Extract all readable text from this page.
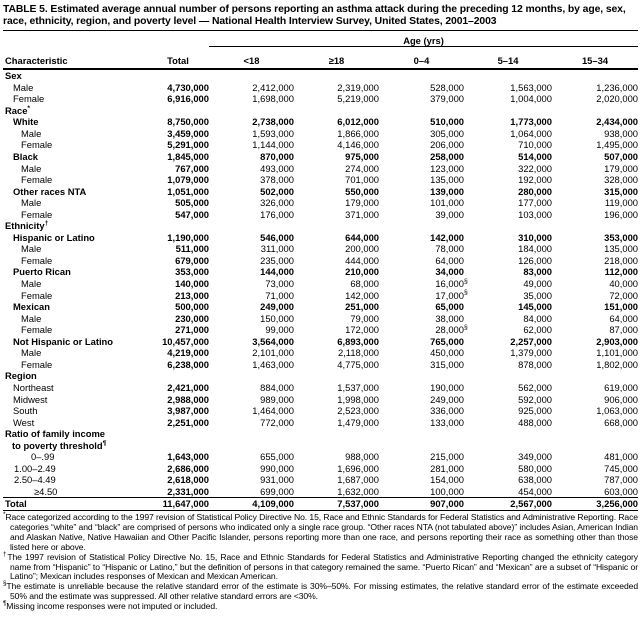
TABLE 5. Estimated average annual number of persons reporting an asthma attack during the preceding 12 months, by age, sex, race, ethnicity, region, and poverty level — National Health Interview Survey, United States, 2001–2003
		Age (yrs)				
Characteristic	Total	<18	≥18	0–4	5–14	15–34
Sex						
Male	4,730,000	2,412,000	2,319,000	528,000	1,563,000	1,236,000
Female	6,916,000	1,698,000	5,219,000	379,000	1,004,000	2,020,000
Race*	
White	8,750,000	2,738,000	6,012,000	510,000	1,773,000	2,434,000
Male	3,459,000	1,593,000	1,866,000	305,000	1,064,000	938,000
Female	5,291,000	1,144,000	4,146,000	206,000	710,000	1,495,000
Black	1,845,000	870,000	975,000	258,000	514,000	507,000
Male	767,000	493,000	274,000	123,000	322,000	179,000
Female	1,079,000	378,000	701,000	135,000	192,000	328,000
Other races NTA	1,051,000	502,000	550,000	139,000	280,000	315,000
Male	505,000	326,000	179,000	101,000	177,000	119,000
Female	547,000	176,000	371,000	39,000	103,000	196,000
Ethnicity†	
Hispanic or Latino	1,190,000	546,000	644,000	142,000	310,000	353,000
Male	511,000	311,000	200,000	78,000	184,000	135,000
Female	679,000	235,000	444,000	64,000	126,000	218,000
Puerto Rican	353,000	144,000	210,000	34,000	83,000	112,000
Male	140,000	73,000	68,000	16,000§	49,000	40,000
Female	213,000	71,000	142,000	17,000§	35,000	72,000
Mexican	500,000	249,000	251,000	65,000	145,000	151,000
Male	230,000	150,000	79,000	38,000	84,000	64,000
Female	271,000	99,000	172,000	28,000§	62,000	87,000
Not Hispanic or Latino	10,457,000	3,564,000	6,893,000	765,000	2,257,000	2,903,000
Male	4,219,000	2,101,000	2,118,000	450,000	1,379,000	1,101,000
Female	6,238,000	1,463,000	4,775,000	315,000	878,000	1,802,000
Region						
Northeast	2,421,000	884,000	1,537,000	190,000	562,000	619,000
Midwest	2,988,000	989,000	1,998,000	249,000	592,000	906,000
South	3,987,000	1,464,000	2,523,000	336,000	925,000	1,063,000
West	2,251,000	772,000	1,479,000	133,000	488,000	668,000
Ratio of family income
to poverty threshold¶

0–.99	1,643,000	655,000	988,000	215,000	349,000	481,000
1.00–2.49	2,686,000	990,000	1,696,000	281,000	580,000	745,000
2.50–4.49	2,618,000	931,000	1,687,000	154,000	638,000	787,000
≥4.50	2,331,000	699,000	1,632,000	100,000	454,000	603,000
Total	11,647,000	4,109,000	7,537,000	907,000	2,567,000	3,256,000

*Race categorized according to the 1997 revision of Statistical Policy Directive No. 15, Race and Ethnic Standards for Federal Statistics and Administrative Reporting. Race categories “white” and “black” are comprised of persons who indicated only a single race group. “Other races NTA (not tabulated above)” includes Asian, American Indian and Alaskan Native, Native Hawaiian and Other Pacific Islander, persons reporting more than one race, and persons reporting their race as something other than those listed here or above.

†The 1997 revision of Statistical Policy Directive No. 15, Race and Ethnic Standards for Federal Statistics and Administrative Reporting changed the ethnicity category name from “Hispanic” to “Hispanic or Latino,” but the definition of persons in that category remained the same. “Puerto Rican” and “Mexican” are a subset of “Hispanic or Latino”; Mexican includes responses of Mexican and Mexican American.

§The estimate is unreliable because the relative standard error of the estimate is 30%–50%. For missing estimates, the relative standard error of the estimate exceeded 50% and the estimate was suppressed. All other relative standard errors are <30%.

¶Missing income responses were not imputed or included.
